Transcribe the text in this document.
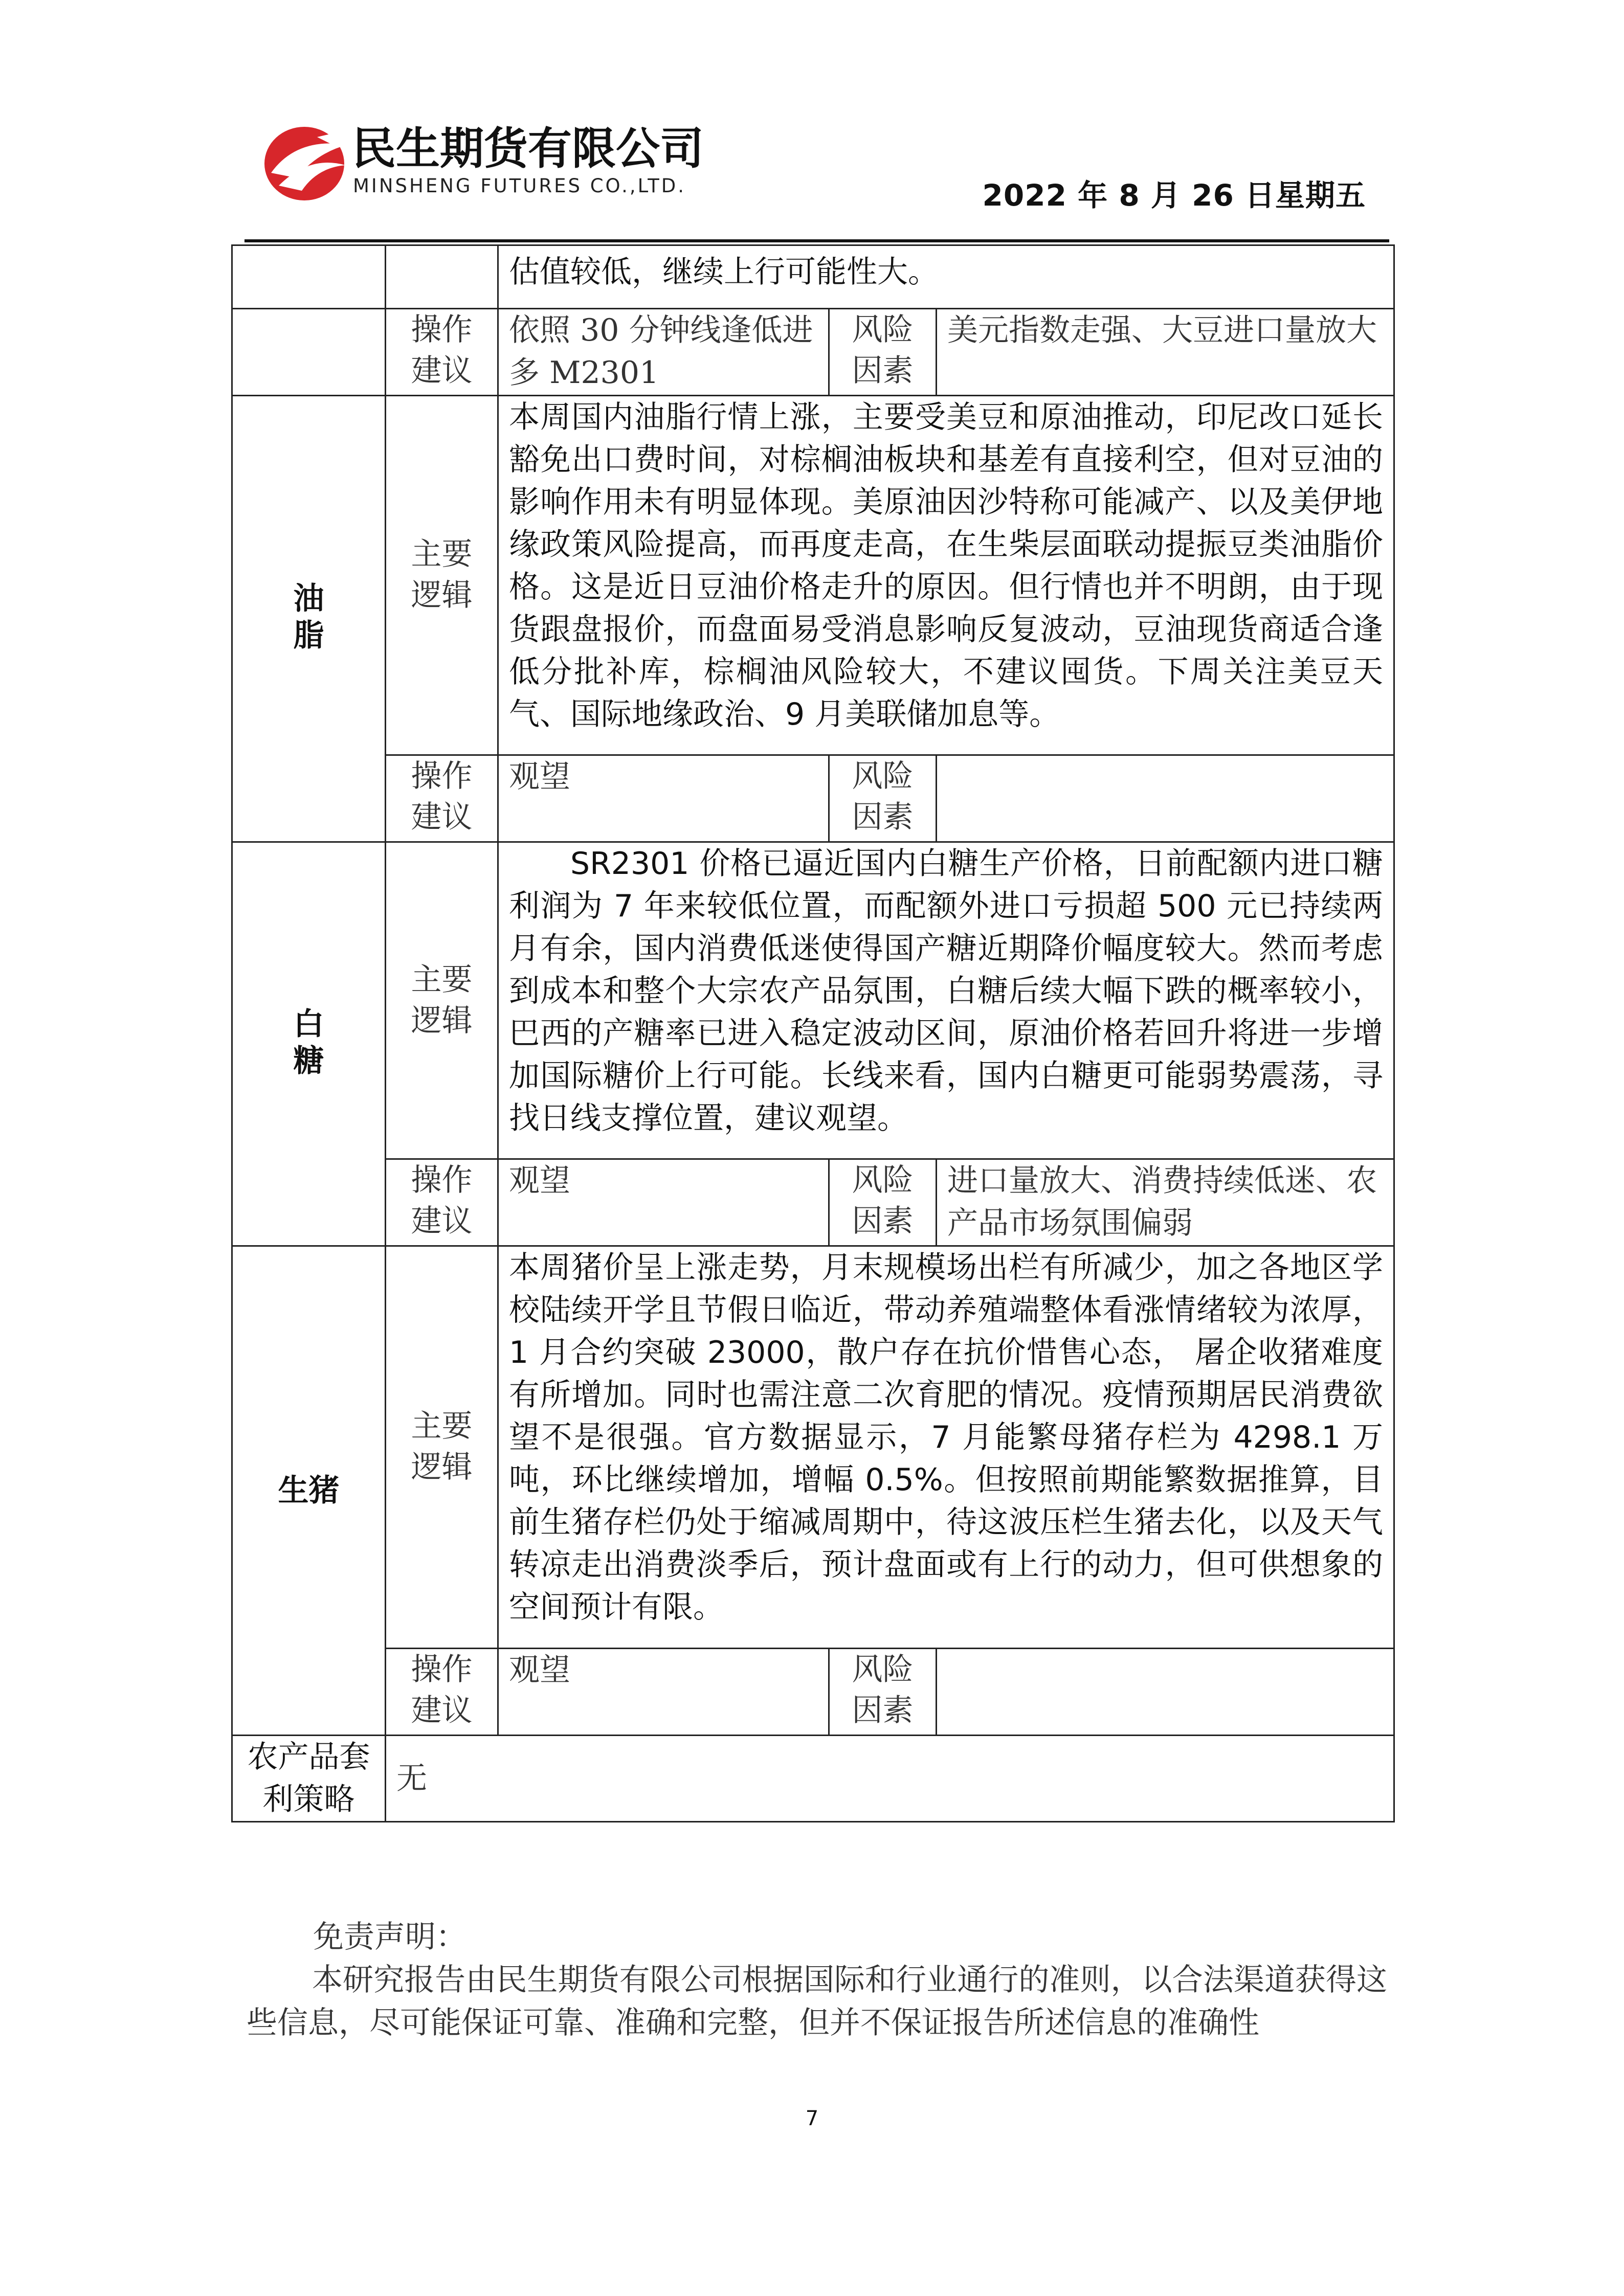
民生期货有限公司
MINSHENG FUTURES CO.,LTD.	2022 年 8 月 26 日星期五
		估值较低，继续上行可能性大。		
	操作建议	依照 30 分钟线逢低进多 M2301	风险因素	美元指数走强、大豆进口量放大
油脂	主要逻辑	本周国内油脂行情上涨，主要受美豆和原油推动，印尼改口延长豁免出口费时间，对棕榈油板块和基差有直接利空，但对豆油的影响作用未有明显体现。美原油因沙特称可能减产、以及美伊地缘政策风险提高，而再度走高，在生柴层面联动提振豆类油脂价格。这是近日豆油价格走升的原因。但行情也并不明朗，由于现货跟盘报价，而盘面易受消息影响反复波动，豆油现货商适合逢低分批补库，棕榈油风险较大，不建议囤货。下周关注美豆天气、国际地缘政治、9 月美联储加息等。		
	操作建议	观望	风险因素	
白糖	主要逻辑	SR2301 价格已逼近国内白糖生产价格，日前配额内进口糖利润为 7 年来较低位置，而配额外进口亏损超 500 元已持续两月有余，国内消费低迷使得国产糖近期降价幅度较大。然而考虑到成本和整个大宗农产品氛围，白糖后续大幅下跌的概率较小，巴西的产糖率已进入稳定波动区间，原油价格若回升将进一步增加国际糖价上行可能。长线来看，国内白糖更可能弱势震荡，寻找日线支撑位置，建议观望。		
	操作建议	观望	风险因素	进口量放大、消费持续低迷、农产品市场氛围偏弱
生猪	主要逻辑	本周猪价呈上涨走势，月末规模场出栏有所减少，加之各地区学校陆续开学且节假日临近，带动养殖端整体看涨情绪较为浓厚，1 月合约突破 23000，散户存在抗价惜售心态， 屠企收猪难度有所增加。同时也需注意二次育肥的情况。疫情预期居民消费欲望不是很强。官方数据显示，7 月能繁母猪存栏为 4298.1 万吨，环比继续增加，增幅 0.5%。但按照前期能繁数据推算，目前生猪存栏仍处于缩减周期中，待这波压栏生猪去化，以及天气转凉走出消费淡季后，预计盘面或有上行的动力，但可供想象的空间预计有限。		
	操作建议	观望	风险因素	
农产品套利策略	无			
免责声明：
本研究报告由民生期货有限公司根据国际和行业通行的准则，以合法渠道获得这些信息，尽可能保证可靠、准确和完整，但并不保证报告所述信息的准确性
7
